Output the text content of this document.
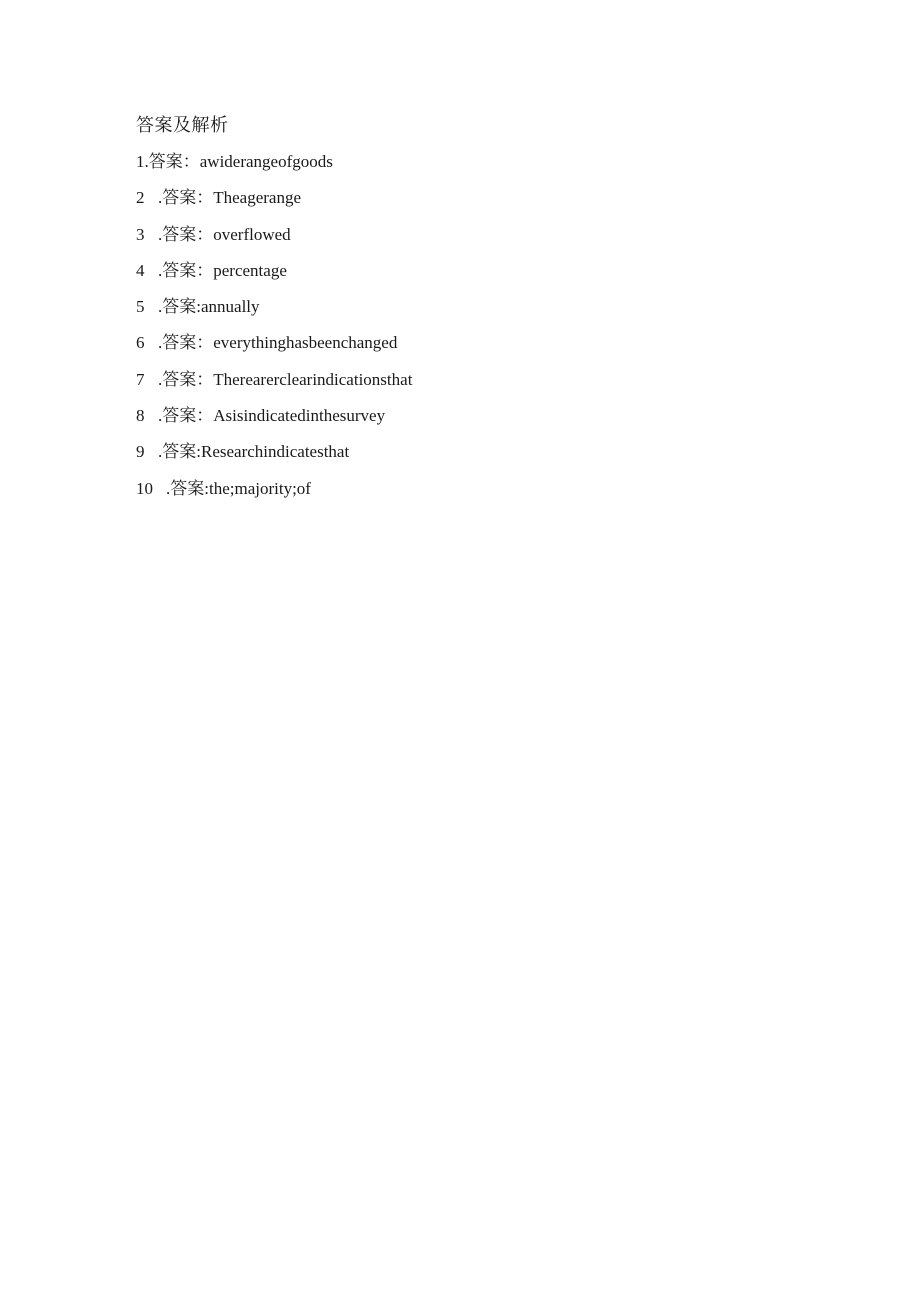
答案及解析
1 .答案： awiderangeofgoods
2 .答案： Theagerange
3 .答案： overflowed
4 .答案： percentage
5 .答案: annually
6 .答案： everythinghasbeenchanged
7 .答案： Therearerclearindicationsthat
8 .答案： Asisindicatedinthesurvey
9 .答案: Researchindicatesthat
10 .答案: the;majority;of
